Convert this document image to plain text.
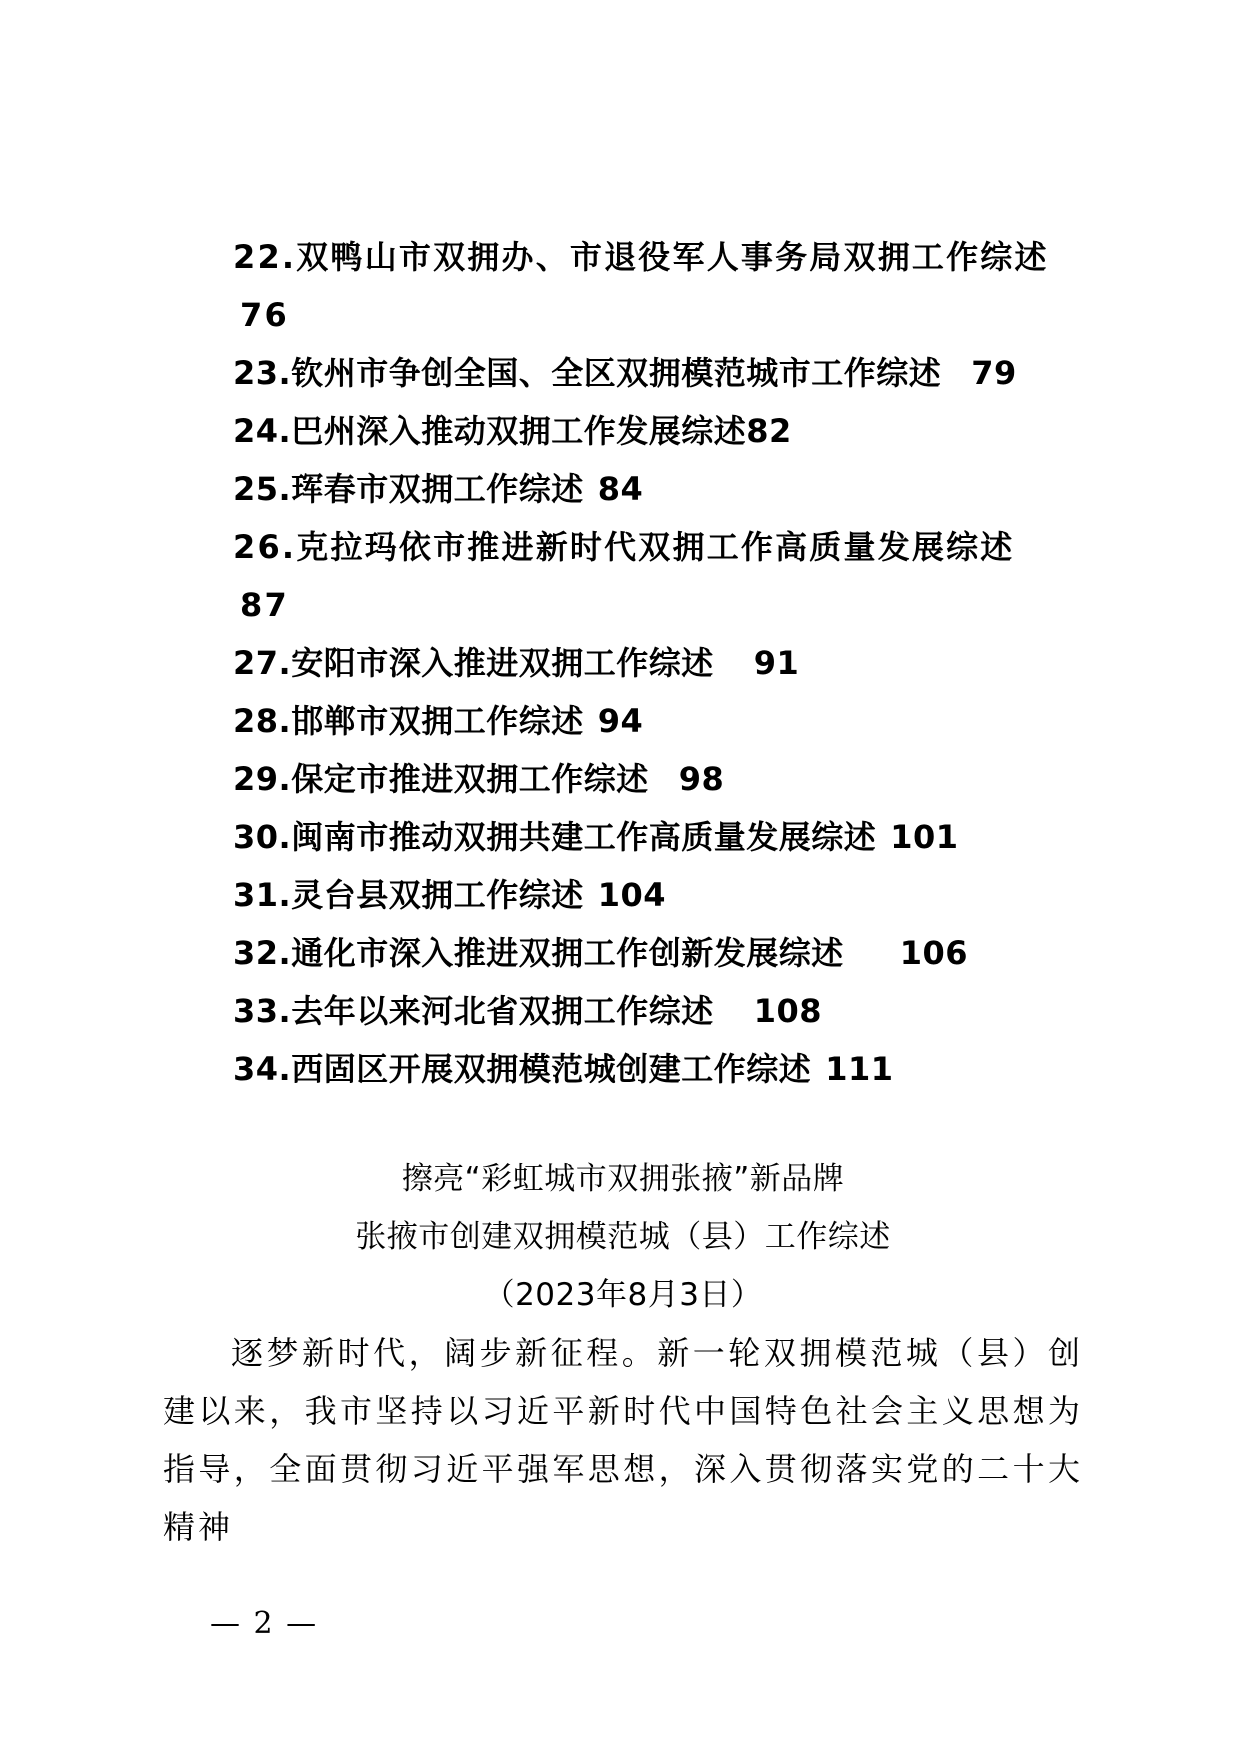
22.双鸭山市双拥办、市退役军人事务局双拥工作综述
76
23.钦州市争创全国、全区双拥模范城市工作综述 79
24.巴州深入推动双拥工作发展综述82
25.珲春市双拥工作综述 84
26.克拉玛依市推进新时代双拥工作高质量发展综述
87
27.安阳市深入推进双拥工作综述 91
28.邯郸市双拥工作综述 94
29.保定市推进双拥工作综述 98
30.闽南市推动双拥共建工作高质量发展综述 101
31.灵台县双拥工作综述 104
32.通化市深入推进双拥工作创新发展综述 106
33.去年以来河北省双拥工作综述 108
34.西固区开展双拥模范城创建工作综述 111
擦亮“彩虹城市双拥张掖”新品牌
张掖市创建双拥模范城（县）工作综述
（2023年8月3日）

逐梦新时代，阔步新征程。新一轮双拥模范城（县）创建以来，我市坚持以习近平新时代中国特色社会主义思想为指导，全面贯彻习近平强军思想，深入贯彻落实党的二十大精神

— 2 —
